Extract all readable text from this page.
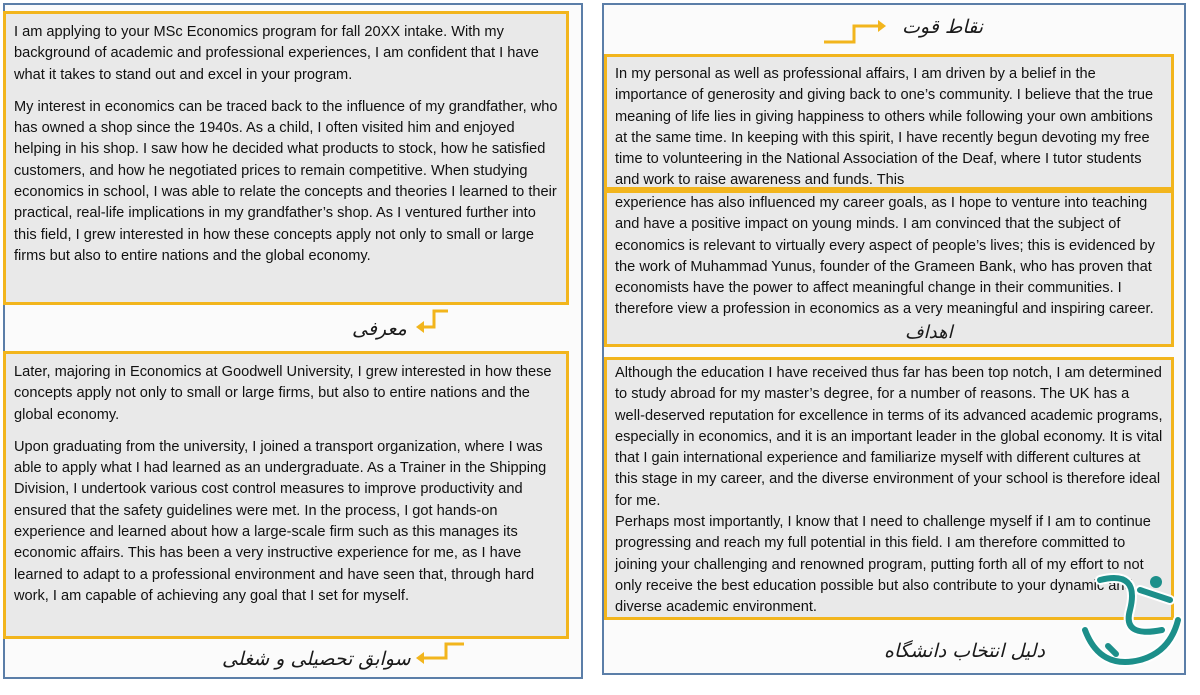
I am applying to your MSc Economics program for fall 20XX intake. With my background of academic and professional experiences, I am confident that I have what it takes to stand out and excel in your program.

My interest in economics can be traced back to the influence of my grandfather, who has owned a shop since the 1940s. As a child, I often visited him and enjoyed helping in his shop. I saw how he decided what products to stock, how he satisfied customers, and how he negotiated prices to remain competitive. When studying economics in school, I was able to relate the concepts and theories I learned to their practical, real-life implications in my grandfather’s shop. As I ventured further into this field, I grew interested in how these concepts apply not only to small or large firms but also to entire nations and the global economy.

معرفی

Later, majoring in Economics at Goodwell University, I grew interested in how these concepts apply not only to small or large firms, but also to entire nations and the global economy.

Upon graduating from the university, I joined a transport organization, where I was able to apply what I had learned as an undergraduate. As a Trainer in the Shipping Division, I undertook various cost control measures to improve productivity and ensured that the safety guidelines were met. In the process, I got hands-on experience and learned about how a large-scale firm such as this manages its economic affairs. This has been a very instructive experience for me, as I have learned to adapt to a professional environment and have seen that, through hard work, I am capable of achieving any goal that I set for myself.

سوابق تحصیلی و شغلی
نقاط قوت

In my personal as well as professional affairs, I am driven by a belief in the importance of generosity and giving back to one’s community. I believe that the true meaning of life lies in giving happiness to others while following your own ambitions at the same time. In keeping with this spirit, I have recently begun devoting my free time to volunteering in the National Association of the Deaf, where I tutor students and work to raise awareness and funds. This

experience has also influenced my career goals, as I hope to venture into teaching and have a positive impact on young minds. I am convinced that the subject of economics is relevant to virtually every aspect of people’s lives; this is evidenced by the work of Muhammad Yunus, founder of the Grameen Bank, who has proven that economists have the power to affect meaningful change in their communities. I therefore view a profession in economics as a very meaningful and inspiring career.

اهداف

Although the education I have received thus far has been top notch, I am determined to study abroad for my master’s degree, for a number of reasons. The UK has a well-deserved reputation for excellence in terms of its advanced academic programs, especially in economics, and it is an important leader in the global economy. It is vital that I gain international experience and familiarize myself with different cultures at this stage in my career, and the diverse environment of your school is therefore ideal for me.

Perhaps most importantly, I know that I need to challenge myself if I am to continue progressing and reach my full potential in this field. I am therefore committed to joining your challenging and renowned program, putting forth all of my effort to not only receive the best education possible but also contribute to your dynamic and diverse academic environment.

دلیل انتخاب دانشگاه
